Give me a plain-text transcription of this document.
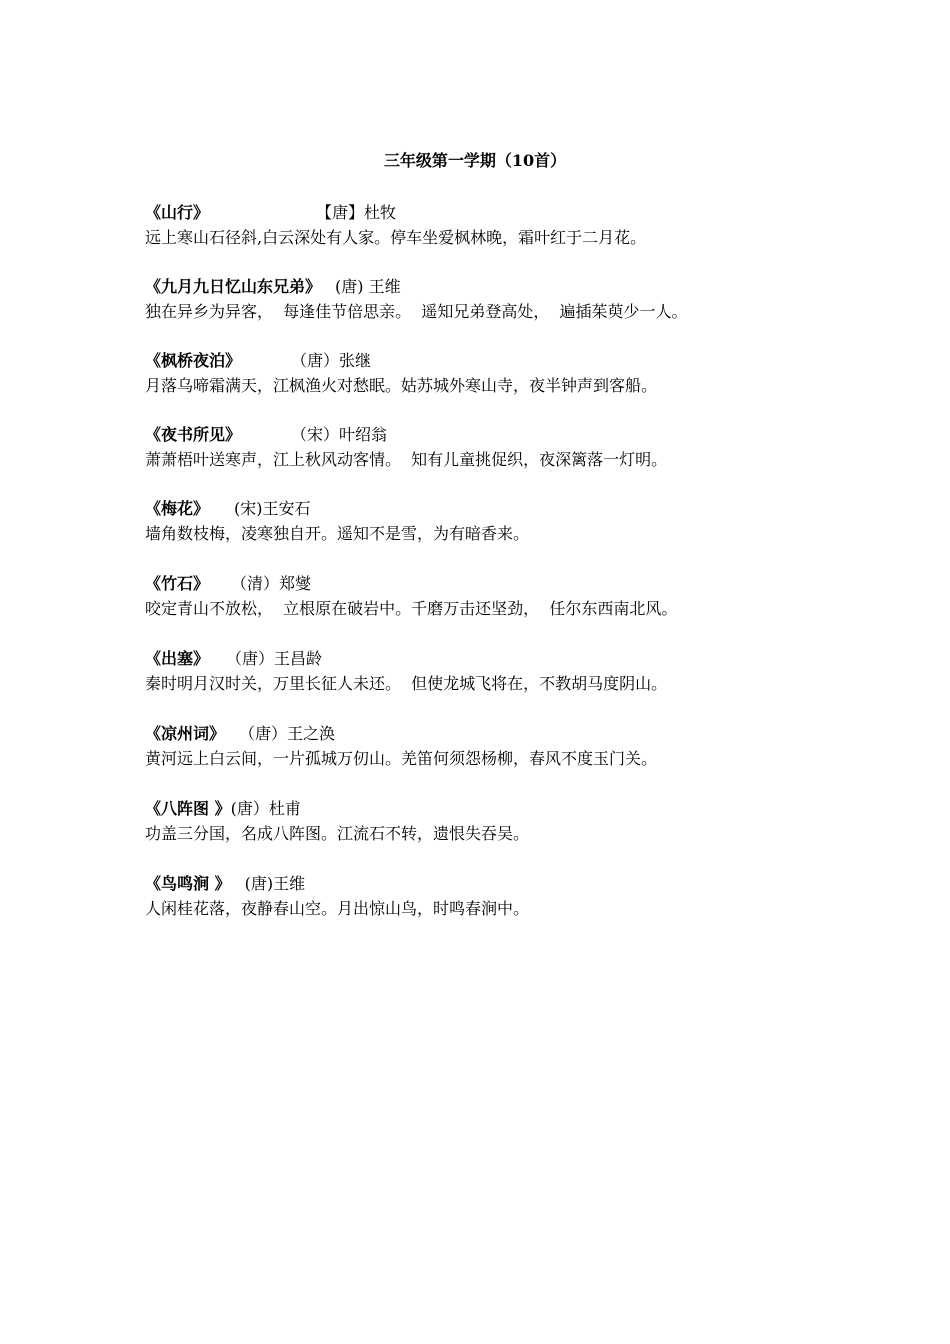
三年级第一学期（10首）
《山行》	【唐】杜牧
远上寒山石径斜,白云深处有人家。停车坐爱枫林晚，霜叶红于二月花。
《九月九日忆山东兄弟》 (唐) 王维
独在异乡为异客，  每逢佳节倍思亲。  遥知兄弟登高处，  遍插茱萸少一人。
《枫桥夜泊》	（唐）张继
月落乌啼霜满天，江枫渔火对愁眠。姑苏城外寒山寺，夜半钟声到客船。
《夜书所见》	（宋）叶绍翁
萧萧梧叶送寒声，江上秋风动客情。  知有儿童挑促织，夜深篱落一灯明。
《梅花》 (宋)王安石
墙角数枝梅，凌寒独自开。遥知不是雪，为有暗香来。
《竹石》 （清）郑燮
咬定青山不放松，  立根原在破岩中。千磨万击还坚劲，  任尔东西南北风。
《出塞》 （唐）王昌龄
秦时明月汉时关，万里长征人未还。  但使龙城飞将在，不教胡马度阴山。
《凉州词》 （唐）王之涣
黄河远上白云间，一片孤城万仞山。羌笛何须怨杨柳，春风不度玉门关。
《八阵图 》(唐）杜甫
功盖三分国，名成八阵图。江流石不转，遗恨失吞吴。
《鸟鸣涧 》 (唐)王维
人闲桂花落，夜静春山空。月出惊山鸟，时鸣春涧中。
